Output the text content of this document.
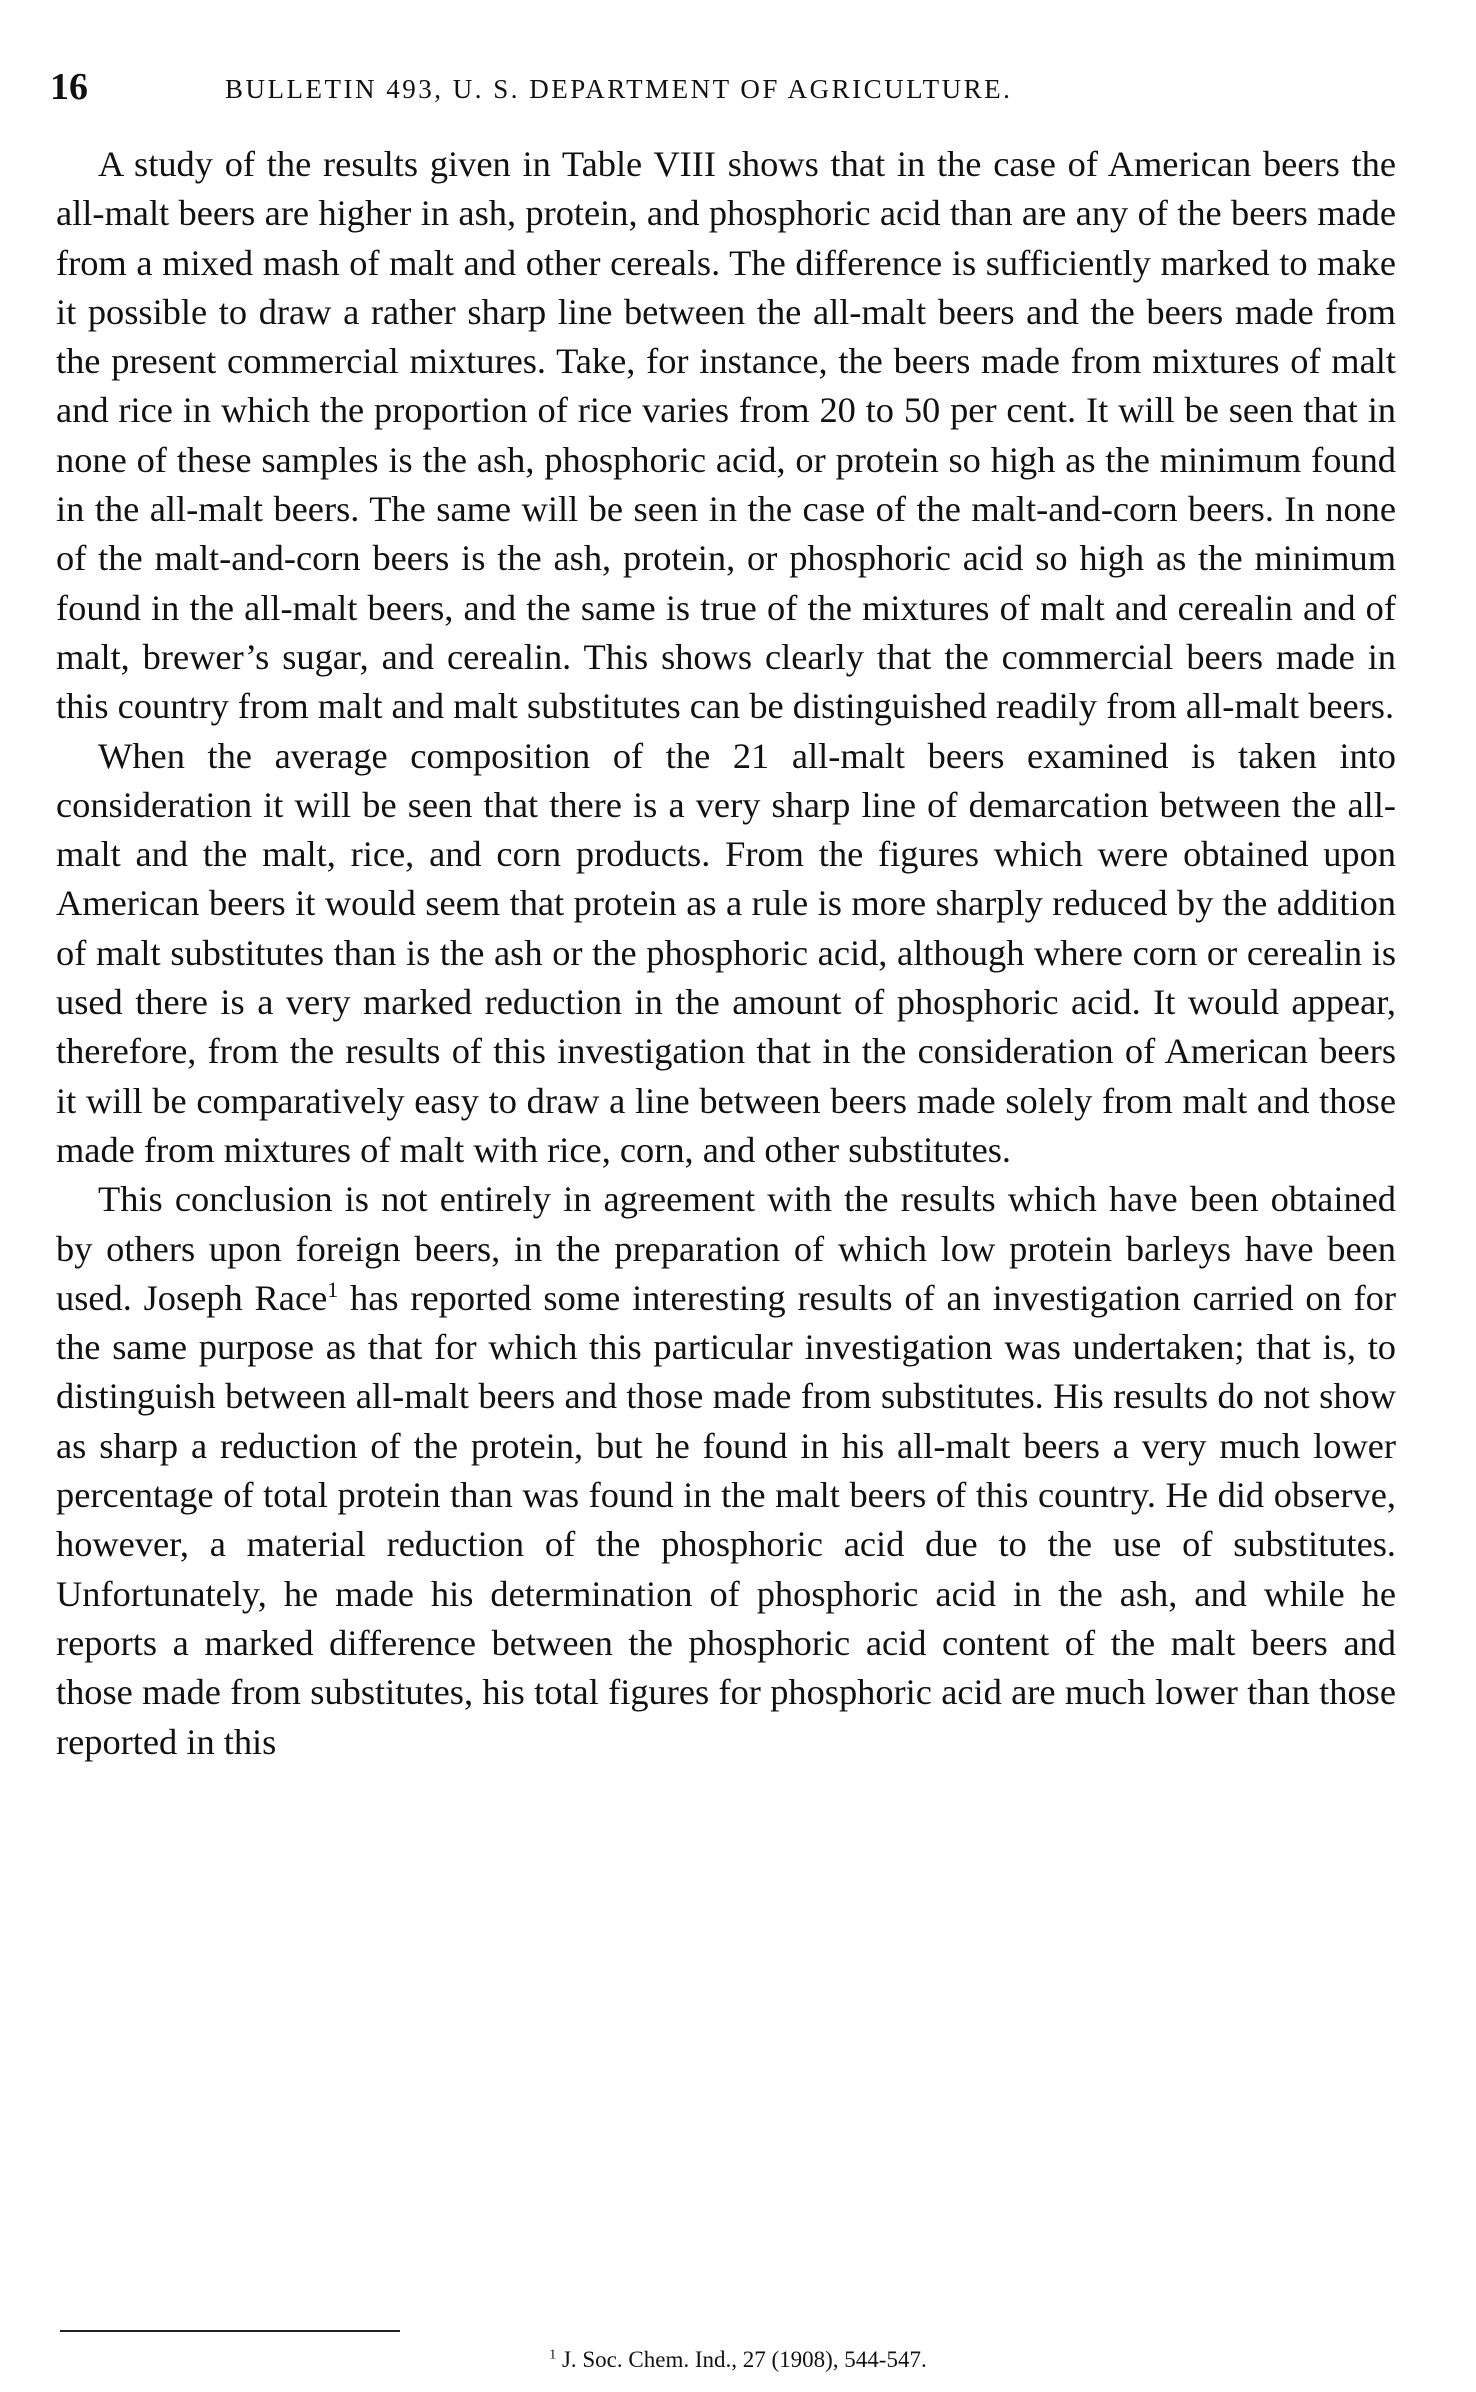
16	BULLETIN 493, U. S. DEPARTMENT OF AGRICULTURE.

A study of the results given in Table VIII shows that in the case of American beers the all-malt beers are higher in ash, protein, and phosphoric acid than are any of the beers made from a mixed mash of malt and other cereals. The difference is sufficiently marked to make it possible to draw a rather sharp line between the all-malt beers and the beers made from the present commercial mixtures. Take, for instance, the beers made from mixtures of malt and rice in which the proportion of rice varies from 20 to 50 per cent. It will be seen that in none of these samples is the ash, phosphoric acid, or protein so high as the minimum found in the all-malt beers. The same will be seen in the case of the malt-and-corn beers. In none of the malt-and-corn beers is the ash, protein, or phosphoric acid so high as the minimum found in the all-malt beers, and the same is true of the mixtures of malt and cerealin and of malt, brewer’s sugar, and cerealin. This shows clearly that the commercial beers made in this country from malt and malt substitutes can be distinguished readily from all-malt beers.

When the average composition of the 21 all-malt beers examined is taken into consideration it will be seen that there is a very sharp line of demarcation between the all-malt and the malt, rice, and corn products. From the figures which were obtained upon American beers it would seem that protein as a rule is more sharply reduced by the addition of malt substitutes than is the ash or the phosphoric acid, although where corn or cerealin is used there is a very marked reduction in the amount of phosphoric acid. It would appear, therefore, from the results of this investigation that in the consideration of American beers it will be comparatively easy to draw a line between beers made solely from malt and those made from mixtures of malt with rice, corn, and other substitutes.

This conclusion is not entirely in agreement with the results which have been obtained by others upon foreign beers, in the preparation of which low protein barleys have been used. Joseph Race$^1$ has reported some interesting results of an investigation carried on for the same purpose as that for which this particular investigation was undertaken; that is, to distinguish between all-malt beers and those made from substitutes. His results do not show as sharp a reduction of the protein, but he found in his all-malt beers a very much lower percentage of total protein than was found in the malt beers of this country. He did observe, however, a material reduction of the phosphoric acid due to the use of substitutes. Unfortunately, he made his determination of phosphoric acid in the ash, and while he reports a marked difference between the phosphoric acid content of the malt beers and those made from substitutes, his total figures for phosphoric acid are much lower than those reported in this

$^1$ J. Soc. Chem. Ind., 27 (1908), 544-547.
